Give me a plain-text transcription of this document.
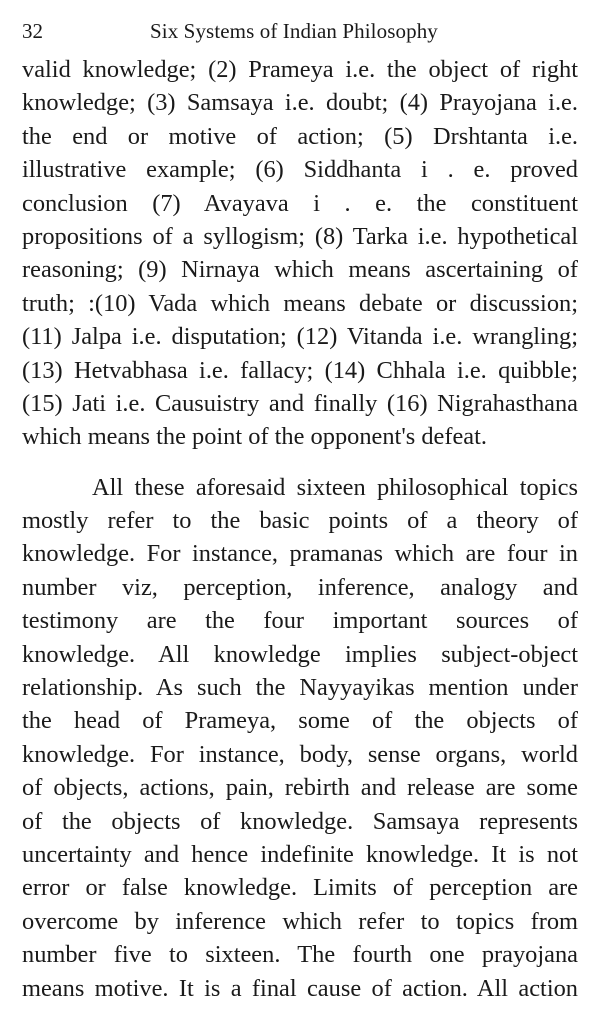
32	Six Systems of Indian Philosophy
valid knowledge; (2) Prameya i.e. the object of right
knowledge; (3) Samsaya i.e. doubt; (4) Prayojana i.e.
the end or motive of action; (5) Drshtanta i.e.
illustrative example; (6) Siddhanta i . e. proved
conclusion (7) Avayava i . e. the constituent
propositions of a syllogism; (8) Tarka i.e. hypothetical
reasoning; (9) Nirnaya which means ascertaining of
truth; :(10) Vada which means debate or discussion;
(11) Jalpa i.e. disputation; (12) Vitanda i.e. wrangling;
(13) Hetvabhasa i.e. fallacy; (14) Chhala i.e. quibble;
(15) Jati i.e. Causuistry and finally (16) Nigrahasthana
which means the point of the opponent's defeat.
All these aforesaid sixteen philosophical topics
mostly refer to the basic points of a theory of
knowledge. For instance, pramanas which are four in
number viz, perception, inference, analogy and
testimony are the four important sources of
knowledge. All knowledge implies subject-object
relationship. As such the Nayyayikas mention under
the head of Prameya, some of the objects of
knowledge. For instance, body, sense organs, world
of objects, actions, pain, rebirth and release are some
of the objects of knowledge. Samsaya represents
uncertainty and hence indefinite knowledge. It is not
error or false knowledge. Limits of perception are
overcome by inference which refer to topics from
number five to sixteen. The fourth one prayojana
means motive. It is a final cause of action. All action
